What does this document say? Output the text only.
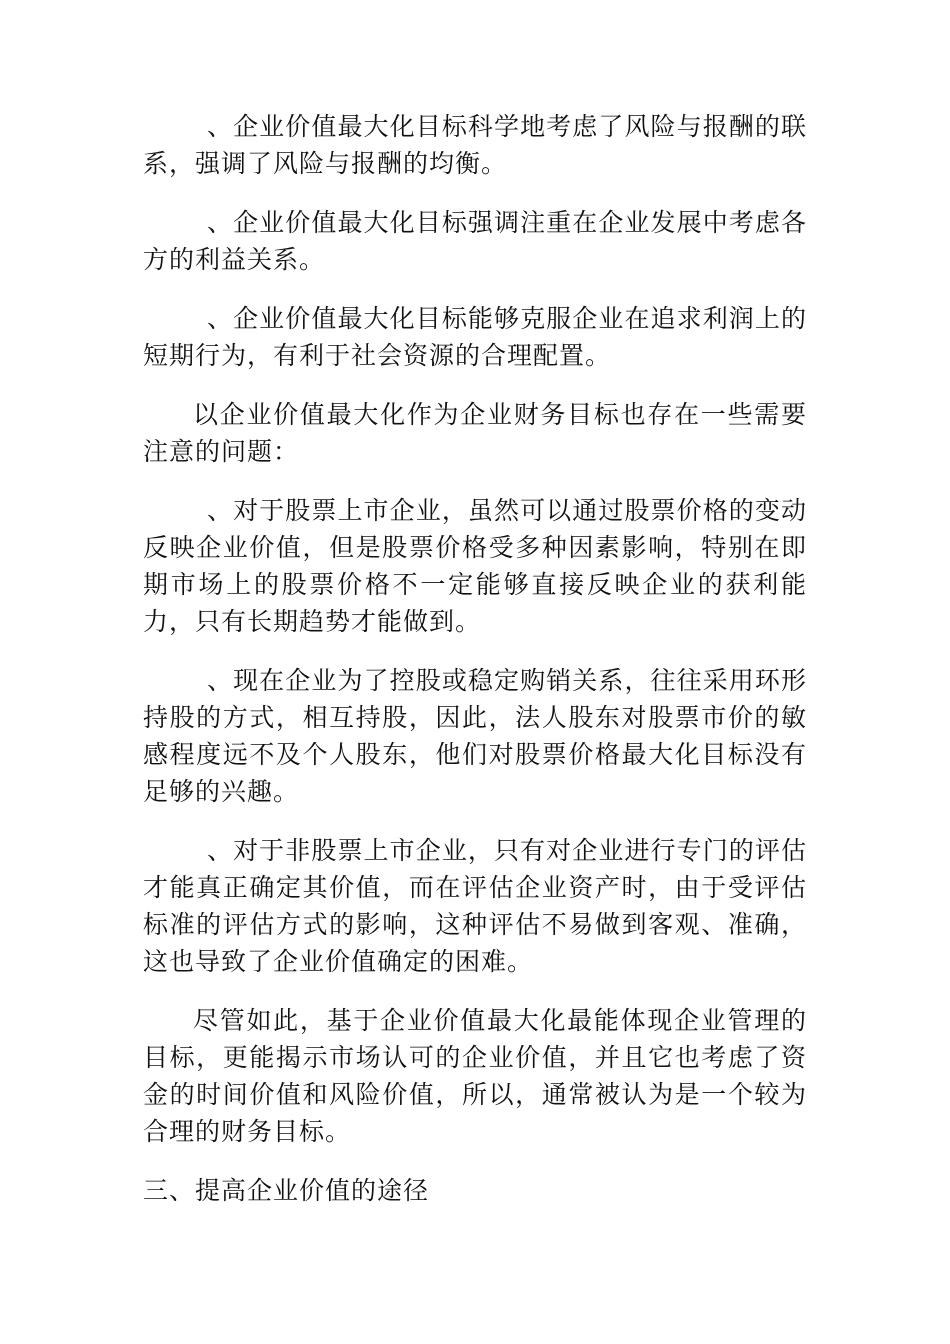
、企业价值最大化目标科学地考虑了风险与报酬的联系，强调了风险与报酬的均衡。

、企业价值最大化目标强调注重在企业发展中考虑各方的利益关系。

、企业价值最大化目标能够克服企业在追求利润上的短期行为，有利于社会资源的合理配置。

以企业价值最大化作为企业财务目标也存在一些需要注意的问题：

、对于股票上市企业，虽然可以通过股票价格的变动反映企业价值，但是股票价格受多种因素影响，特别在即期市场上的股票价格不一定能够直接反映企业的获利能力，只有长期趋势才能做到。

、现在企业为了控股或稳定购销关系，往往采用环形持股的方式，相互持股，因此，法人股东对股票市价的敏感程度远不及个人股东，他们对股票价格最大化目标没有足够的兴趣。

、对于非股票上市企业，只有对企业进行专门的评估才能真正确定其价值，而在评估企业资产时，由于受评估标准的评估方式的影响，这种评估不易做到客观、准确，这也导致了企业价值确定的困难。

尽管如此，基于企业价值最大化最能体现企业管理的目标，更能揭示市场认可的企业价值，并且它也考虑了资金的时间价值和风险价值，所以，通常被认为是一个较为合理的财务目标。

三、提高企业价值的途径
